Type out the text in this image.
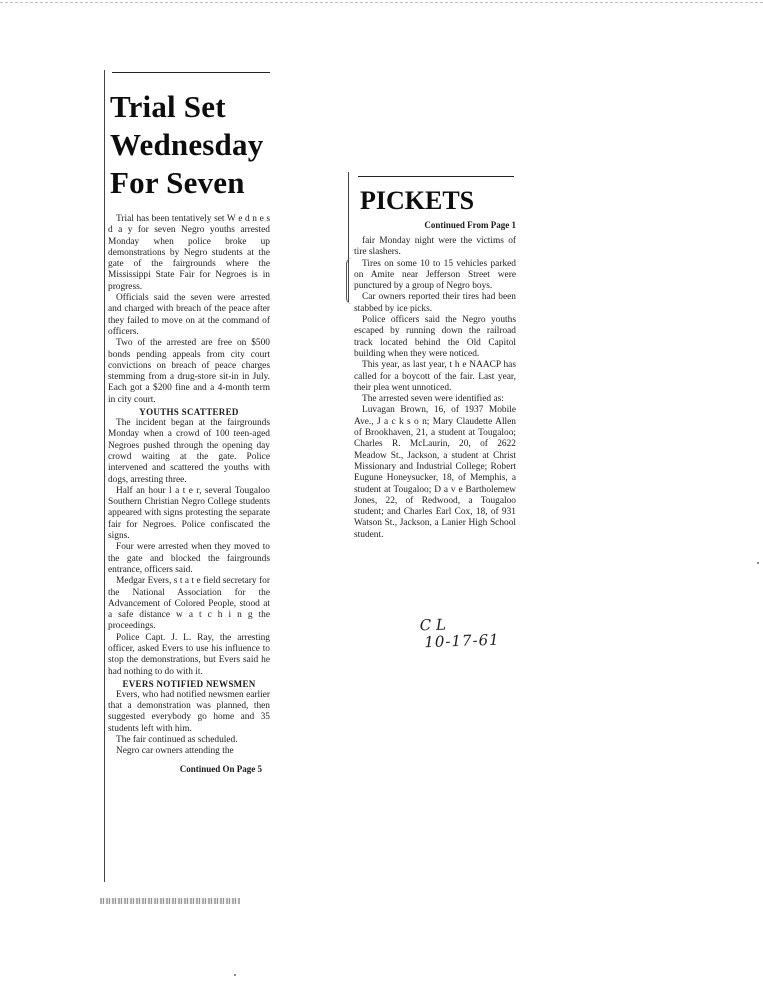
Trial Set
Wednesday
For Seven

Trial has been tentatively set W e d n e s d a y for seven Negro youths arrested Monday when police broke up demonstrations by Negro students at the gate of the fairgrounds where the Mississippi State Fair for Negroes is in progress.

Officials said the seven were arrested and charged with breach of the peace after they failed to move on at the command of officers.

Two of the arrested are free on $500 bonds pending appeals from city court convictions on breach of peace charges stemming from a drug-store sit-in in July. Each got a $200 fine and a 4-month term in city court.

YOUTHS SCATTERED

The incident began at the fairgrounds Monday when a crowd of 100 teen-aged Negroes pushed through the opening day crowd waiting at the gate. Police intervened and scattered the youths with dogs, arresting three.

Half an hour l a t e r, several Tougaloo Southern Christian Negro College students appeared with signs protesting the separate fair for Negroes. Police confiscated the signs.

Four were arrested when they moved to the gate and blocked the fairgrounds entrance, officers said.

Medgar Evers, s t a t e field secretary for the National Association for the Advancement of Colored People, stood at a safe distance w a t c h i n g the proceedings.

Police Capt. J. L. Ray, the arresting officer, asked Evers to use his influence to stop the demonstrations, but Evers said he had nothing to do with it.

EVERS NOTIFIED NEWSMEN

Evers, who had notified newsmen earlier that a demonstration was planned, then suggested everybody go home and 35 students left with him.

The fair continued as scheduled.

Negro car owners attending the

Continued On Page 5
PICKETS
Continued From Page 1

fair Monday night were the victims of tire slashers.

Tires on some 10 to 15 vehicles parked on Amite near Jefferson Street were punctured by a group of Negro boys.

Car owners reported their tires had been stabbed by ice picks.

Police officers said the Negro youths escaped by running down the railroad track located behind the Old Capitol building when they were noticed.

This year, as last year, t h e NAACP has called for a boycott of the fair. Last year, their plea went unnoticed.

The arrested seven were identified as:

Luvagan Brown, 16, of 1937 Mobile Ave., J a c k s o n; Mary Claudette Allen of Brookhaven, 21, a student at Tougaloo; Charles R. McLaurin, 20, of 2622 Meadow St., Jackson, a student at Christ Missionary and Industrial College; Robert Eugune Honeysucker, 18, of Memphis, a student at Tougaloo; D a v e Bartholemew Jones, 22, of Redwood, a Tougaloo student; and Charles Earl Cox, 18, of 931 Watson St., Jackson, a Lanier High School student.

C L
10-17-61
